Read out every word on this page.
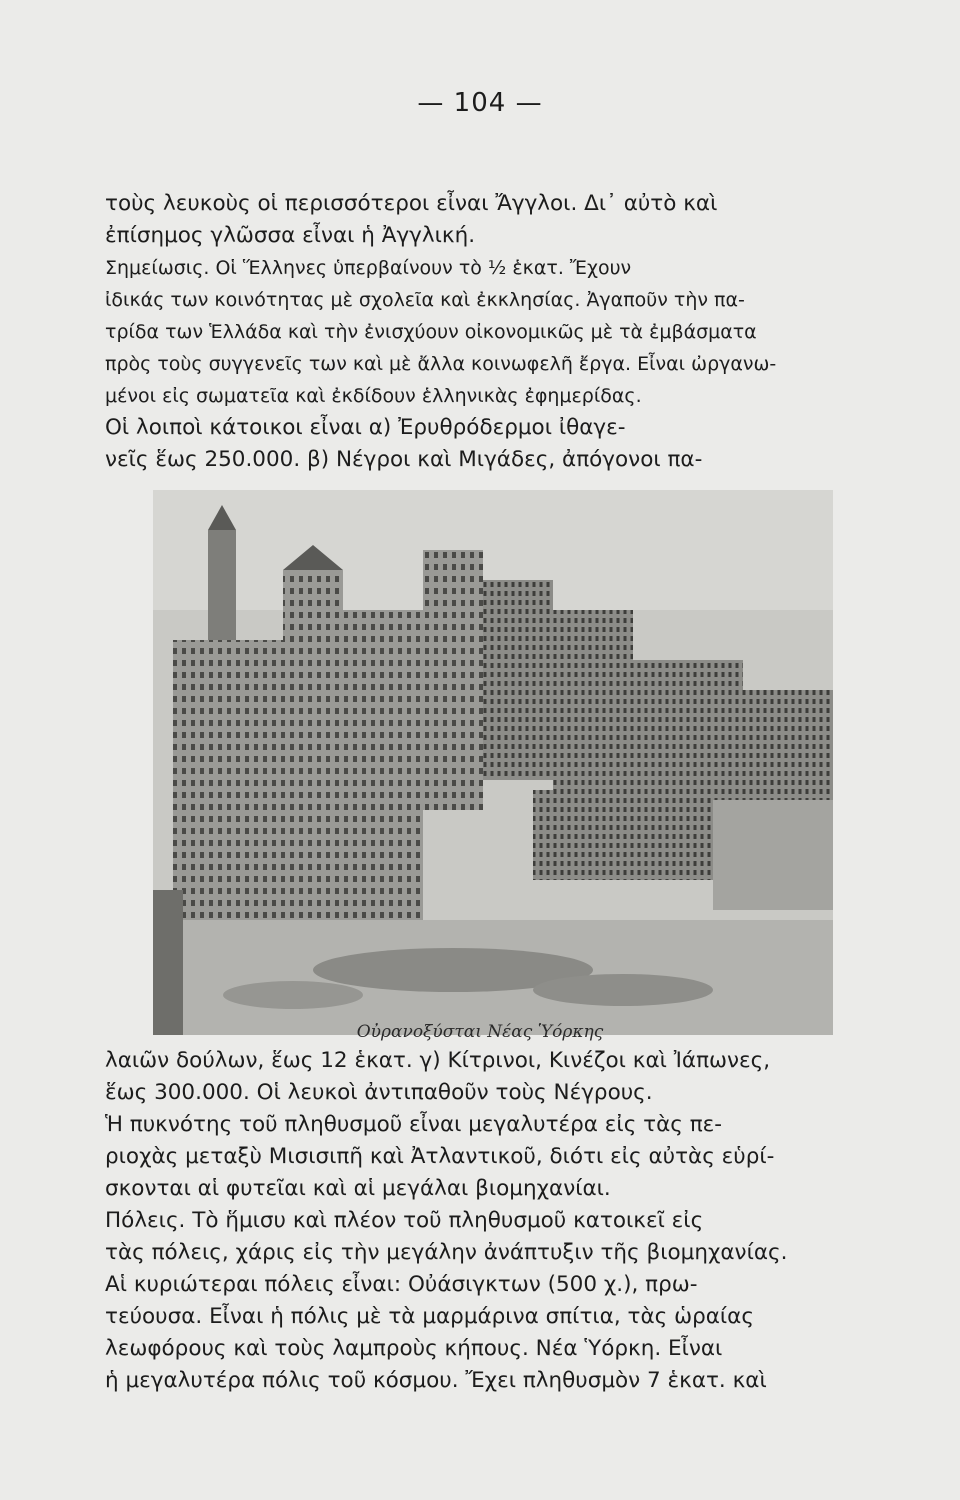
— 104 —
τοὺς λευκοὺς οἱ περισσότεροι εἶναι Ἄγγλοι. Δι᾽ αὐτὸ καὶ
ἐπίσημος γλῶσσα εἶναι ἡ Ἀγγλική.
Σημείωσις. Οἱ Ἕλληνες ὑπερβαίνουν τὸ ½ ἑκατ. Ἔχουν
ἰδικάς των κοινότητας μὲ σχολεῖα καὶ ἐκκλησίας. Ἀγαποῦν τὴν πα-
τρίδα των Ἑλλάδα καὶ τὴν ἐνισχύουν οἰκονομικῶς μὲ τὰ ἐμβάσματα
πρὸς τοὺς συγγενεῖς των καὶ μὲ ἄλλα κοινωφελῆ ἔργα. Εἶναι ὠργανω-
μένοι εἰς σωματεῖα καὶ ἐκδίδουν ἑλληνικὰς ἐφημερίδας.
Οἱ λοιποὶ κάτοικοι εἶναι α) Ἐρυθρόδερμοι ἰθαγε-
νεῖς ἕως 250.000. β) Νέγροι καὶ Μιγάδες, ἀπόγονοι πα-
Οὐρανοξύσται Νέας Ὑόρκης
λαιῶν δούλων, ἕως 12 ἑκατ. γ) Κίτρινοι, Κινέζοι καὶ Ἰάπωνες,
ἕως 300.000. Οἱ λευκοὶ ἀντιπαθοῦν τοὺς Νέγρους.
Ἡ πυκνότης τοῦ πληθυσμοῦ εἶναι μεγαλυτέρα εἰς τὰς πε-
ριοχὰς μεταξὺ Μισισιπῆ καὶ Ἀτλαντικοῦ, διότι εἰς αὐτὰς εὑρί-
σκονται αἱ φυτεῖαι καὶ αἱ μεγάλαι βιομηχανίαι.
Πόλεις. Τὸ ἥμισυ καὶ πλέον τοῦ πληθυσμοῦ κατοικεῖ εἰς
τὰς πόλεις, χάρις εἰς τὴν μεγάλην ἀνάπτυξιν τῆς βιομηχανίας.
Αἱ κυριώτεραι πόλεις εἶναι: Οὐάσιγκτων (500 χ.), πρω-
τεύουσα. Εἶναι ἡ πόλις μὲ τὰ μαρμάρινα σπίτια, τὰς ὡραίας
λεωφόρους καὶ τοὺς λαμπροὺς κήπους. Νέα Ὑόρκη. Εἶναι
ἡ μεγαλυτέρα πόλις τοῦ κόσμου. Ἔχει πληθυσμὸν 7 ἑκατ. καὶ
